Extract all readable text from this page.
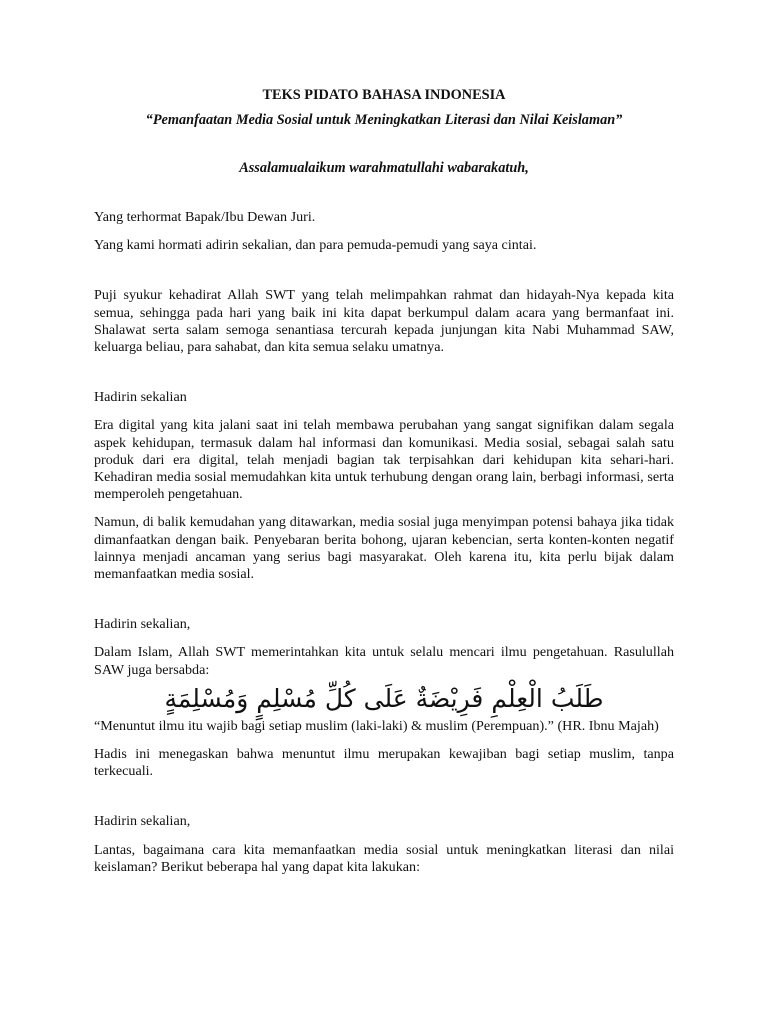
TEKS PIDATO BAHASA INDONESIA

“Pemanfaatan Media Sosial untuk Meningkatkan Literasi dan Nilai Keislaman”

Assalamualaikum warahmatullahi wabarakatuh,

Yang terhormat Bapak/Ibu Dewan Juri.

Yang kami hormati adirin sekalian, dan para pemuda-pemudi yang saya cintai.

Puji syukur kehadirat Allah SWT yang telah melimpahkan rahmat dan hidayah-Nya kepada kita semua, sehingga pada hari yang baik ini kita dapat berkumpul dalam acara yang bermanfaat ini. Shalawat serta salam semoga senantiasa tercurah kepada junjungan kita Nabi Muhammad SAW, keluarga beliau, para sahabat, dan kita semua selaku umatnya.

Hadirin sekalian

Era digital yang kita jalani saat ini telah membawa perubahan yang sangat signifikan dalam segala aspek kehidupan, termasuk dalam hal informasi dan komunikasi. Media sosial, sebagai salah satu produk dari era digital, telah menjadi bagian tak terpisahkan dari kehidupan kita sehari-hari. Kehadiran media sosial memudahkan kita untuk terhubung dengan orang lain, berbagi informasi, serta memperoleh pengetahuan.

Namun, di balik kemudahan yang ditawarkan, media sosial juga menyimpan potensi bahaya jika tidak dimanfaatkan dengan baik. Penyebaran berita bohong, ujaran kebencian, serta konten-konten negatif lainnya menjadi ancaman yang serius bagi masyarakat. Oleh karena itu, kita perlu bijak dalam memanfaatkan media sosial.

Hadirin sekalian,

Dalam Islam, Allah SWT memerintahkan kita untuk selalu mencari ilmu pengetahuan. Rasulullah SAW juga bersabda:

طَلَبُ الْعِلْمِ فَرِيْضَةٌ عَلَى كُلِّ مُسْلِمٍ وَمُسْلِمَةٍ

“Menuntut ilmu itu wajib bagi setiap muslim (laki-laki) & muslim (Perempuan).” (HR. Ibnu Majah)

Hadis ini menegaskan bahwa menuntut ilmu merupakan kewajiban bagi setiap muslim, tanpa terkecuali.

Hadirin sekalian,

Lantas, bagaimana cara kita memanfaatkan media sosial untuk meningkatkan literasi dan nilai keislaman? Berikut beberapa hal yang dapat kita lakukan:
